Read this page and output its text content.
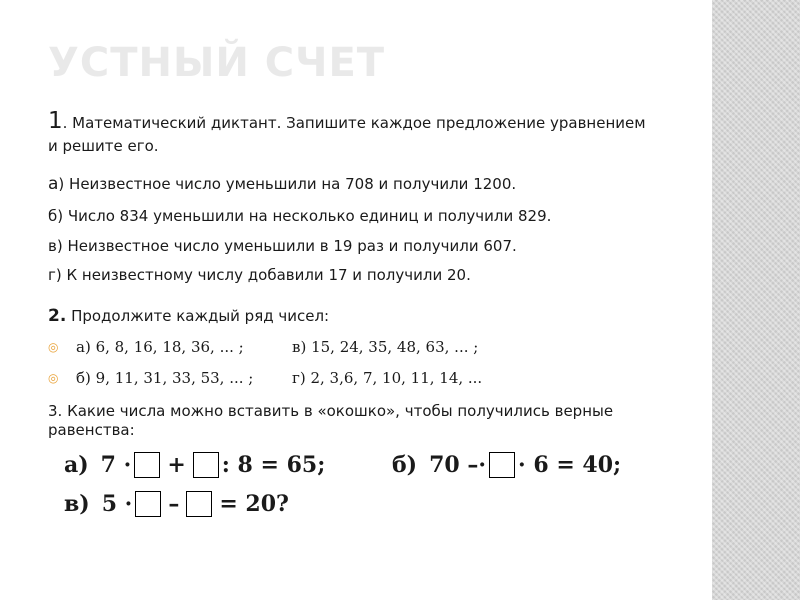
УСТНЫЙ СЧЕТ
1. Математический диктант. Запишите каждое предложение уравнением и решите его.
а) Неизвестное число уменьшили на 708 и получили 1200.
б) Число 834 уменьшили на несколько единиц и получили 829.
в) Неизвестное число уменьшили в 19 раз и получили 607.
г) К неизвестному числу добавили 17 и получили 20.
2. Продолжите каждый ряд чисел:
◎	а) 6, 8, 16, 18, 36, ... ;	в) 15, 24, 35, 48, 63, ... ;
◎	б) 9, 11, 31, 33, 53, ... ;	г) 2, 3,6, 7, 10, 11, 14, ...
3. Какие числа можно вставить в «окошко», чтобы получились верные равенства:
а) 7 · + : 8 = 65;	б) 70 –· · 6 = 40;
в) 5 · – = 20?
